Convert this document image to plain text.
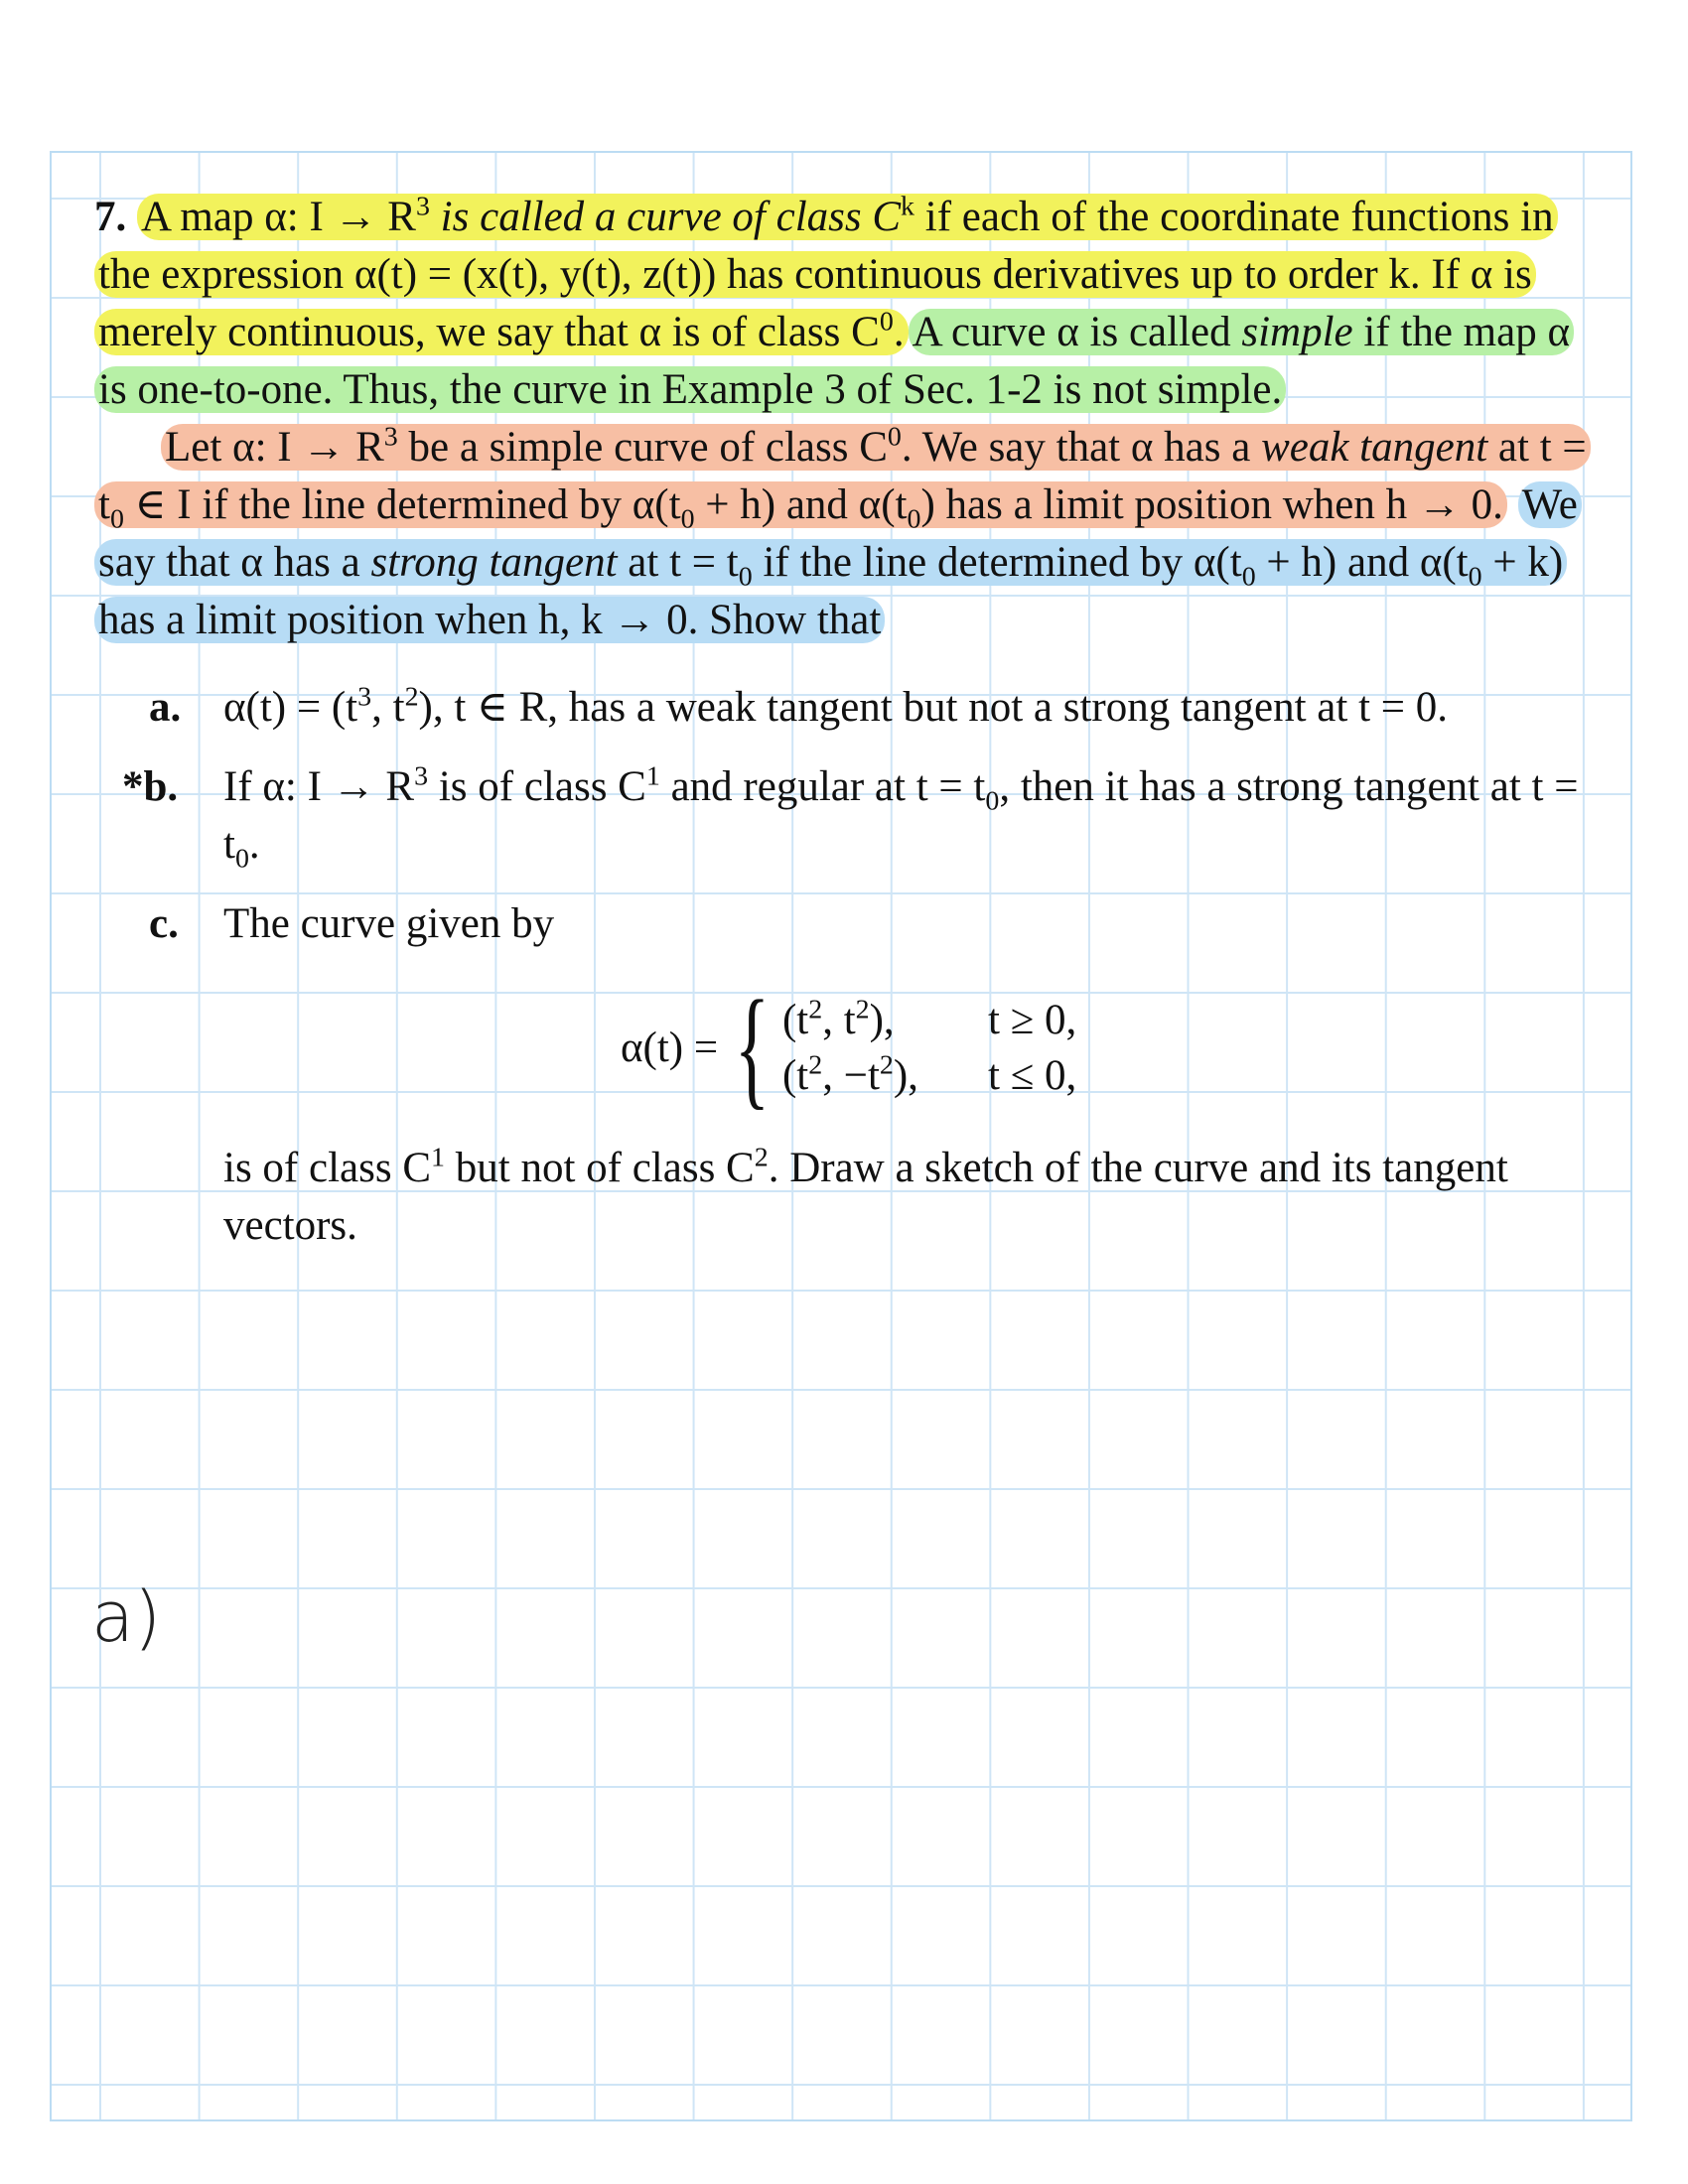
7. A map α: $I \to R^3$ is called a curve of class $C^k$ if each of the coordinate functions in the expression α(t) = (x(t), y(t), z(t)) has continuous derivatives up to order k. If α is merely continuous, we say that α is of class $C^0$. A curve α is called simple if the map α is one-to-one. Thus, the curve in Example 3 of Sec. 1-2 is not simple.

Let α: $I \to R^3$ be a simple curve of class $C^0$. We say that α has a weak tangent at $t = t_0$ ∈ I if the line determined by $\alpha(t_0 + h)$ and $\alpha(t_0)$ has a limit position when h → 0. We say that α has a strong tangent at $t = t_0$ if the line determined by $\alpha(t_0 + h)$ and $\alpha(t_0 + k)$ has a limit position when h, k → 0. Show that

a. $\alpha(t) = (t^3$, $t^2$), t ∈ R, has a weak tangent but not a strong tangent at t = 0.
*b. If α: $I \to R^3$ is of class $C^1$ and regular at $t = t_0$, then it has a strong tangent at $t = t_0$.
c. The curve given by
α(t) = { ($t^2$, $t^2$),	t ≥ 0,
($t^2$, $-t^2$),	t ≤ 0,
is of class $C^1$ but not of class $C^2$. Draw a sketch of the curve and its tangent vectors.
a)
